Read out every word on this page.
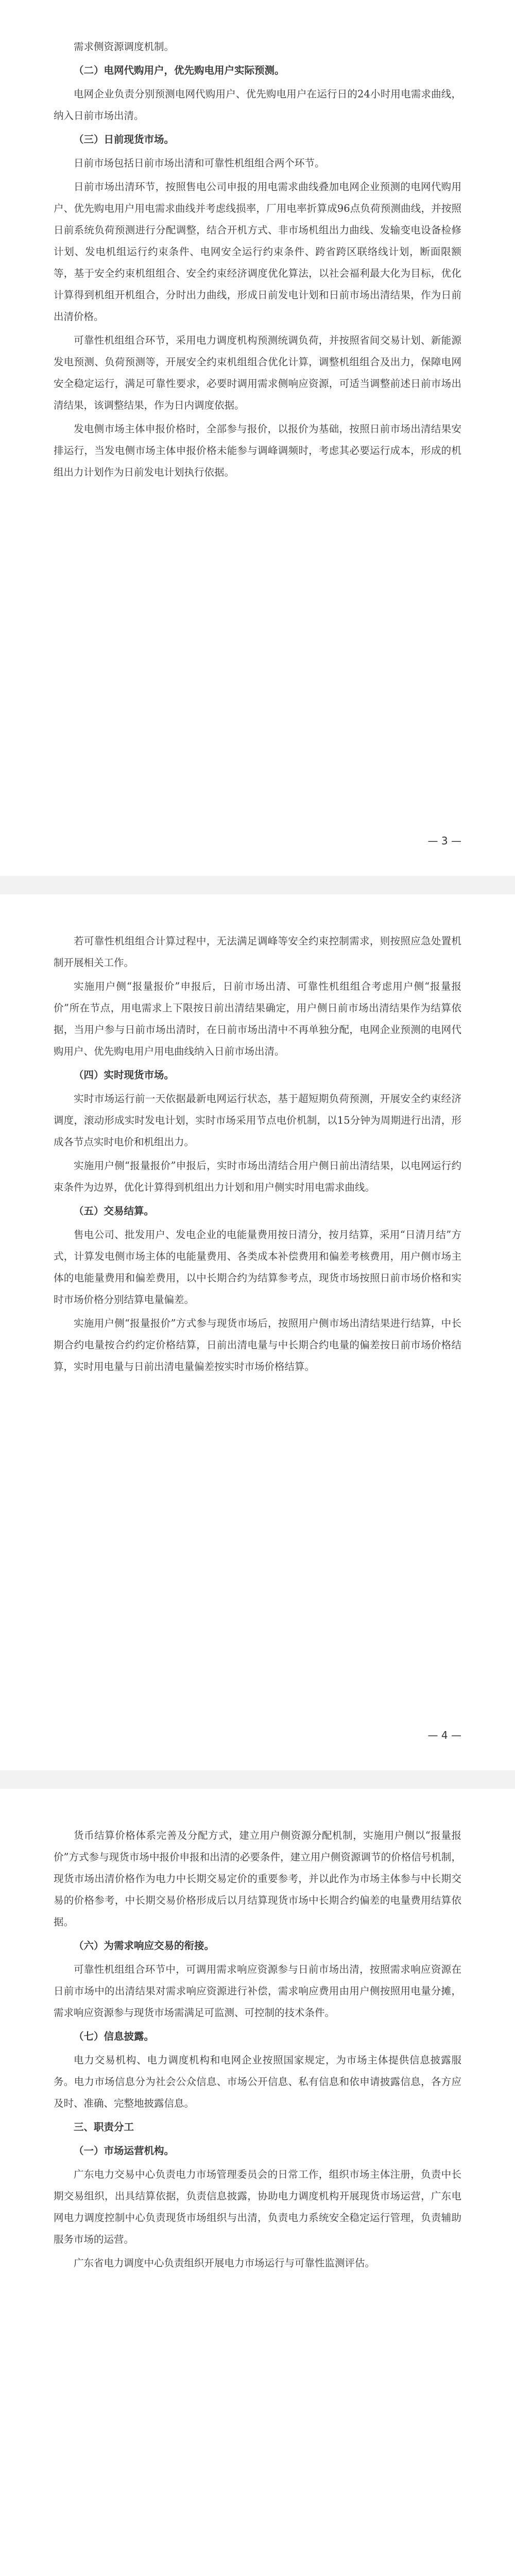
需求侧资源调度机制。

（二）电网代购用户，优先购电用户实际预测。

电网企业负责分别预测电网代购用户、优先购电用户在运行日的24小时用电需求曲线，纳入日前市场出清。

（三）日前现货市场。

日前市场包括日前市场出清和可靠性机组组合两个环节。

日前市场出清环节，按照售电公司申报的用电需求曲线叠加电网企业预测的电网代购用户、优先购电用户用电需求曲线并考虑线损率，厂用电率折算成96点负荷预测曲线，并按照日前系统负荷预测进行分配调整，结合开机方式、非市场机组出力曲线、发输变电设备检修计划、发电机组运行约束条件、电网安全运行约束条件、跨省跨区联络线计划，断面限额等，基于安全约束机组组合、安全约束经济调度优化算法，以社会福利最大化为目标，优化计算得到机组开机组合，分时出力曲线，形成日前发电计划和日前市场出清结果，作为日前出清价格。

可靠性机组组合环节，采用电力调度机构预测统调负荷，并按照省间交易计划、新能源发电预测、负荷预测等，开展安全约束机组组合优化计算，调整机组组合及出力，保障电网安全稳定运行，满足可靠性要求，必要时调用需求侧响应资源，可适当调整前述日前市场出清结果，该调整结果，作为日内调度依据。

发电侧市场主体申报价格时，全部参与报价，以报价为基础，按照日前市场出清结果安排运行，当发电侧市场主体申报价格未能参与调峰调频时，考虑其必要运行成本，形成的机组出力计划作为日前发电计划执行依据。

— 3 —

若可靠性机组组合计算过程中，无法满足调峰等安全约束控制需求，则按照应急处置机制开展相关工作。

实施用户侧“报量报价”申报后，日前市场出清、可靠性机组组合考虑用户侧“报量报价”所在节点，用电需求上下限按日前出清结果确定，用户侧日前市场出清结果作为结算依据，当用户参与日前市场出清时，在日前市场出清中不再单独分配，电网企业预测的电网代购用户、优先购电用户用电曲线纳入日前市场出清。

（四）实时现货市场。

实时市场运行前一天依据最新电网运行状态，基于超短期负荷预测，开展安全约束经济调度，滚动形成实时发电计划，实时市场采用节点电价机制，以15分钟为周期进行出清，形成各节点实时电价和机组出力。

实施用户侧“报量报价”申报后，实时市场出清结合用户侧日前出清结果，以电网运行约束条件为边界，优化计算得到机组出力计划和用户侧实时用电需求曲线。

（五）交易结算。

售电公司、批发用户、发电企业的电能量费用按日清分，按月结算，采用“日清月结”方式，计算发电侧市场主体的电能量费用、各类成本补偿费用和偏差考核费用，用户侧市场主体的电能量费用和偏差费用，以中长期合约为结算参考点，现货市场按照日前市场价格和实时市场价格分别结算电量偏差。

实施用户侧“报量报价”方式参与现货市场后，按照用户侧市场出清结果进行结算，中长期合约电量按合约约定价格结算，日前出清电量与中长期合约电量的偏差按日前市场价格结算，实时用电量与日前出清电量偏差按实时市场价格结算。

— 4 —

货币结算价格体系完善及分配方式，建立用户侧资源分配机制，实施用户侧以“报量报价”方式参与现货市场中报价申报和出清的必要条件，建立用户侧资源调节的价格信号机制，现货市场出清价格作为电力中长期交易定价的重要参考，并以此作为市场主体参与中长期交易的价格参考，中长期交易价格形成后以月结算现货市场中长期合约偏差的电量费用结算依据。

（六）为需求响应交易的衔接。

可靠性机组组合环节中，可调用需求响应资源参与日前市场出清，按照需求响应资源在日前市场中的出清结果对需求响应资源进行补偿，需求响应费用由用户侧按照用电量分摊，需求响应资源参与现货市场需满足可监测、可控制的技术条件。

（七）信息披露。

电力交易机构、电力调度机构和电网企业按照国家规定，为市场主体提供信息披露服务。电力市场信息分为社会公众信息、市场公开信息、私有信息和依申请披露信息，各方应及时、准确、完整地披露信息。

三、职责分工

（一）市场运营机构。

广东电力交易中心负责电力市场管理委员会的日常工作，组织市场主体注册，负责中长期交易组织，出具结算依据，负责信息披露，协助电力调度机构开展现货市场运营，广东电网电力调度控制中心负责现货市场组织与出清，负责电力系统安全稳定运行管理，负责辅助服务市场的运营。

广东省电力调度中心负责组织开展电力市场运行与可靠性监测评估。
